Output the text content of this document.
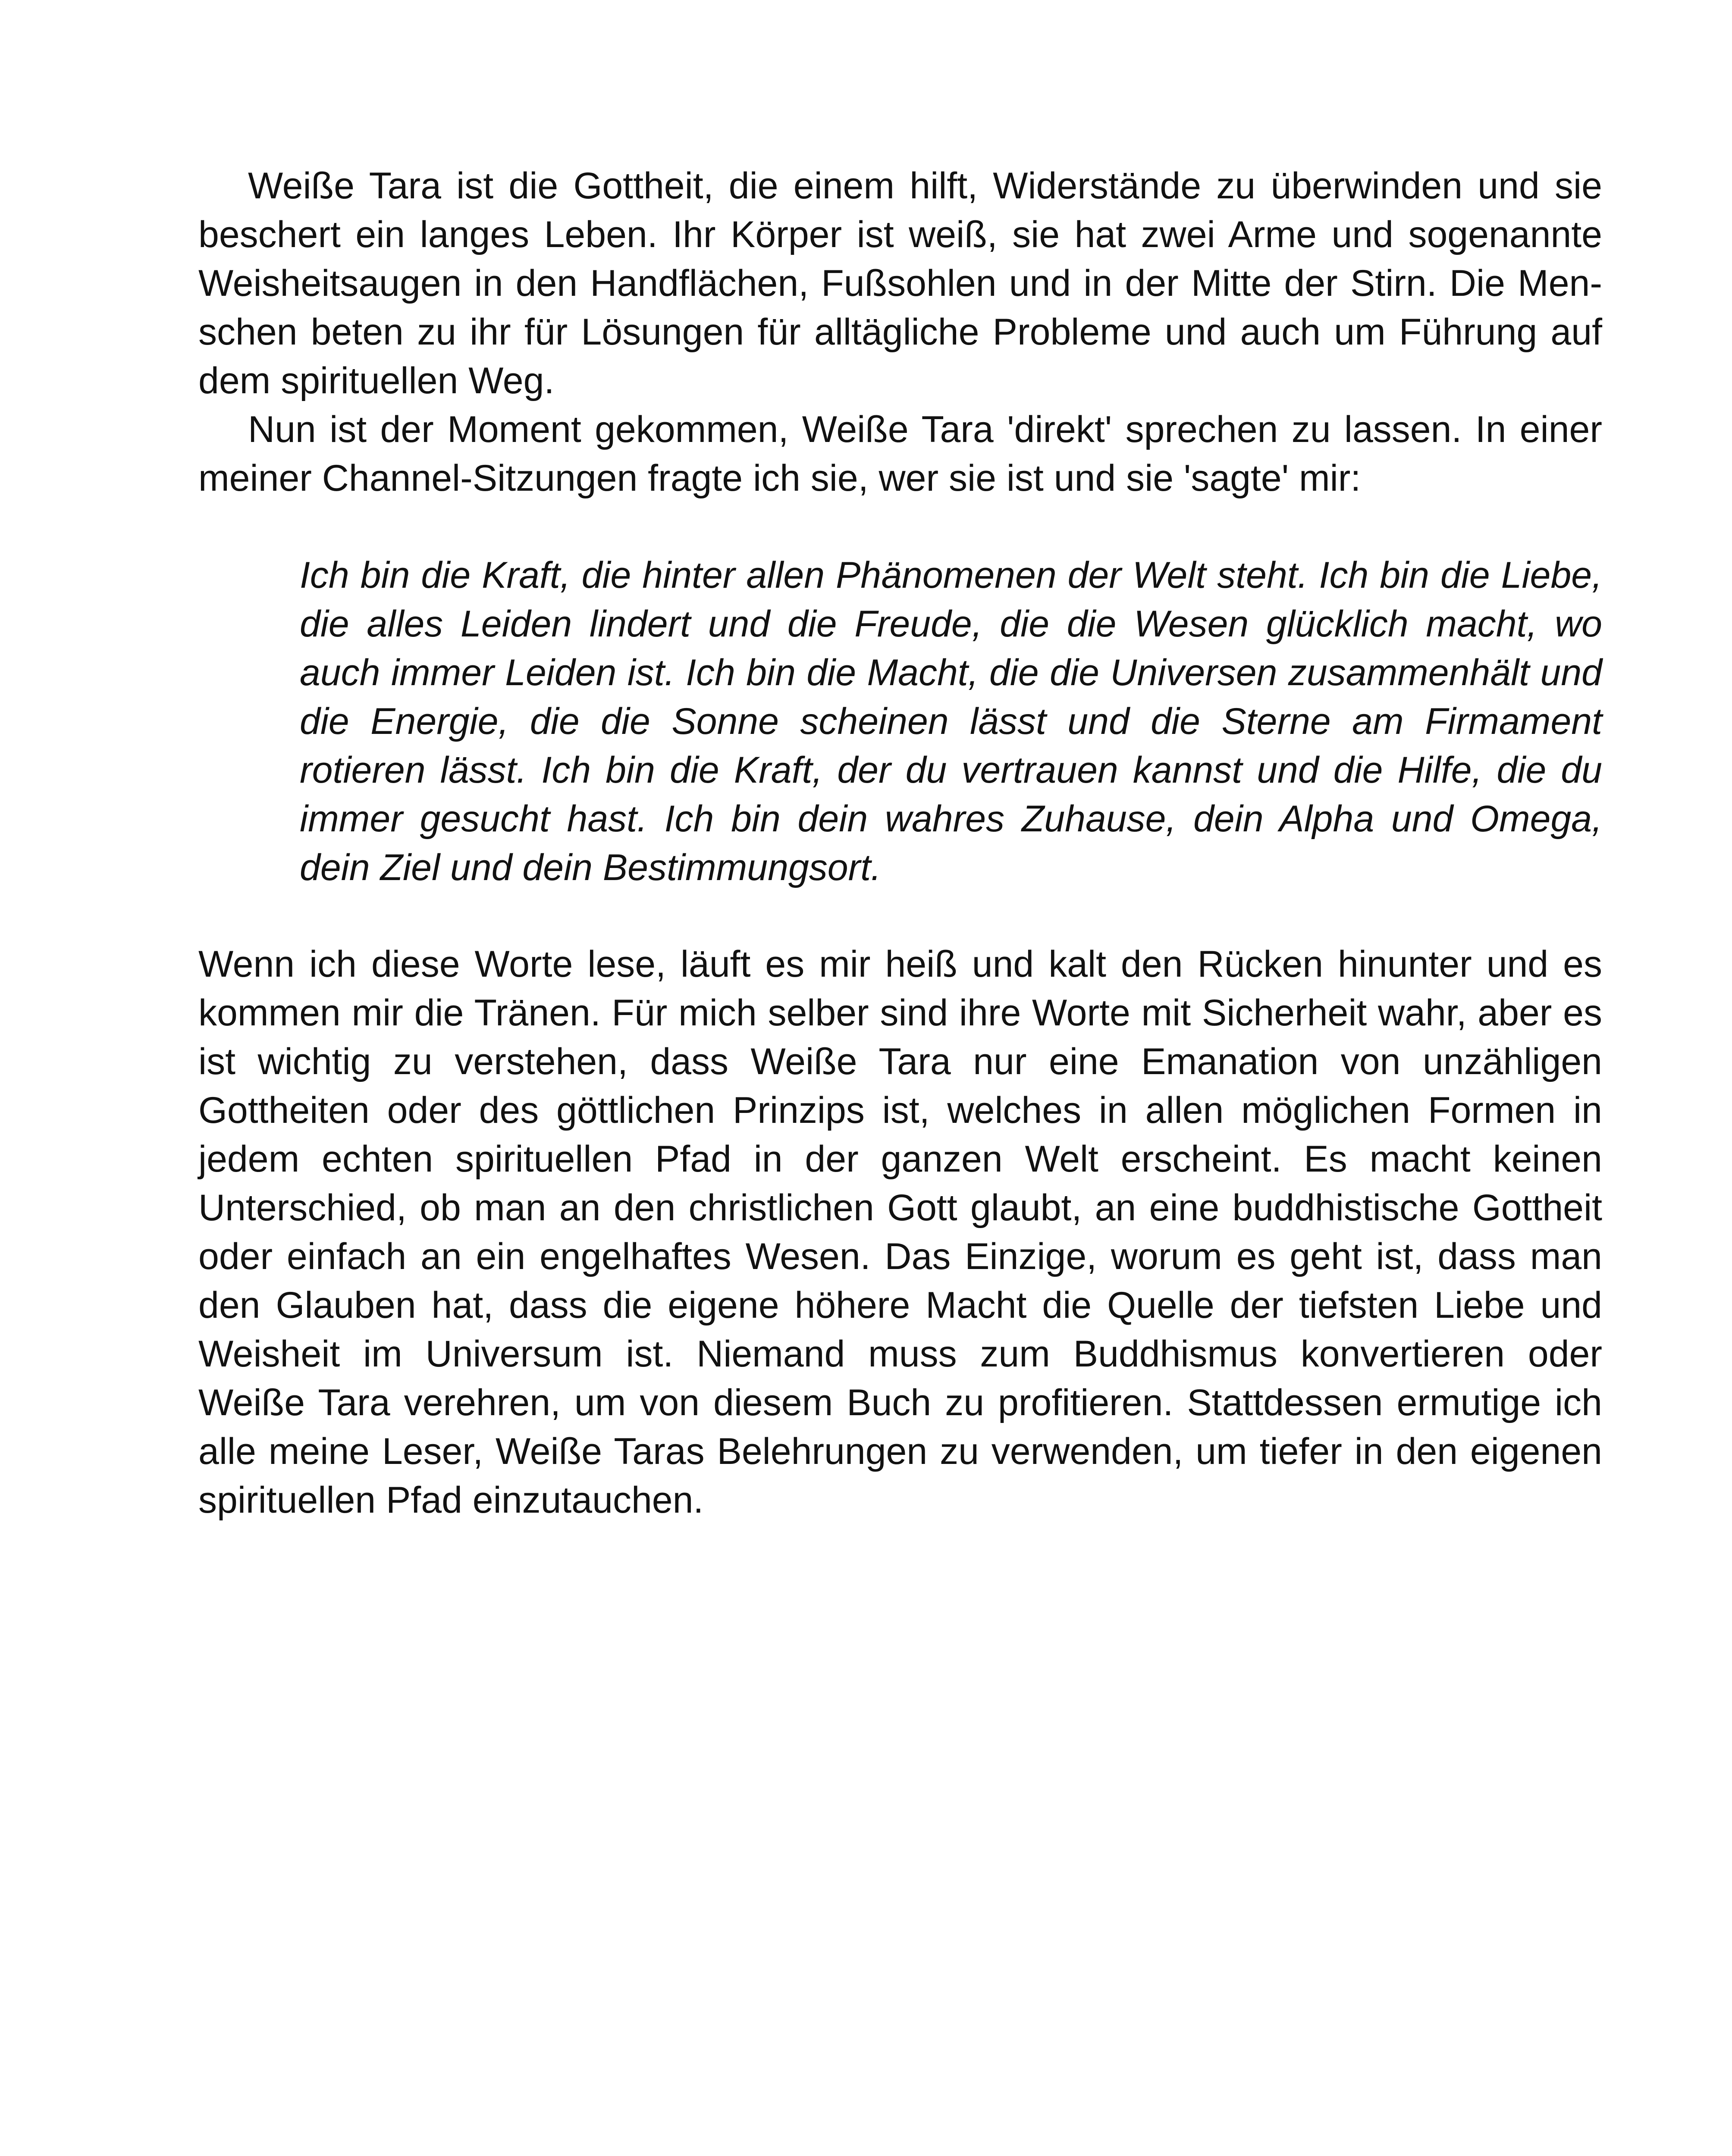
Weiße Tara ist die Gottheit, die einem hilft, Widerstände zu überwinden und sie beschert ein langes Leben. Ihr Körper ist weiß, sie hat zwei Arme und sogenannte Weisheitsaugen in den Handflächen, Fußsohlen und in der Mitte der Stirn. Die Menschen beten zu ihr für Lösungen für alltägliche Probleme und auch um Führung auf dem spirituellen Weg.

Nun ist der Moment gekommen, Weiße Tara 'direkt' sprechen zu lassen. In einer meiner Channel-Sitzungen fragte ich sie, wer sie ist und sie 'sagte' mir:

Ich bin die Kraft, die hinter allen Phänomenen der Welt steht. Ich bin die Liebe, die alles Leiden lindert und die Freude, die die Wesen glücklich macht, wo auch immer Leiden ist. Ich bin die Macht, die die Universen zusammenhält und die Energie, die die Sonne scheinen lässt und die Sterne am Firmament rotieren lässt. Ich bin die Kraft, der du vertrauen kannst und die Hilfe, die du immer gesucht hast. Ich bin dein wahres Zuhause, dein Alpha und Omega, dein Ziel und dein Bestimmungsort.

Wenn ich diese Worte lese, läuft es mir heiß und kalt den Rücken hinunter und es kommen mir die Tränen. Für mich selber sind ihre Worte mit Sicherheit wahr, aber es ist wichtig zu verstehen, dass Weiße Tara nur eine Emanation von unzähligen Gottheiten oder des göttlichen Prinzips ist, welches in allen möglichen Formen in jedem echten spirituellen Pfad in der ganzen Welt erscheint. Es macht keinen Unterschied, ob man an den christlichen Gott glaubt, an eine buddhistische Gottheit oder einfach an ein engelhaftes Wesen. Das Einzige, worum es geht ist, dass man den Glauben hat, dass die eigene höhere Macht die Quelle der tiefsten Liebe und Weisheit im Universum ist. Niemand muss zum Buddhismus konvertieren oder Weiße Tara verehren, um von diesem Buch zu profitieren. Stattdessen ermutige ich alle meine Leser, Weiße Taras Belehrungen zu verwenden, um tiefer in den eigenen spirituellen Pfad einzutauchen.
